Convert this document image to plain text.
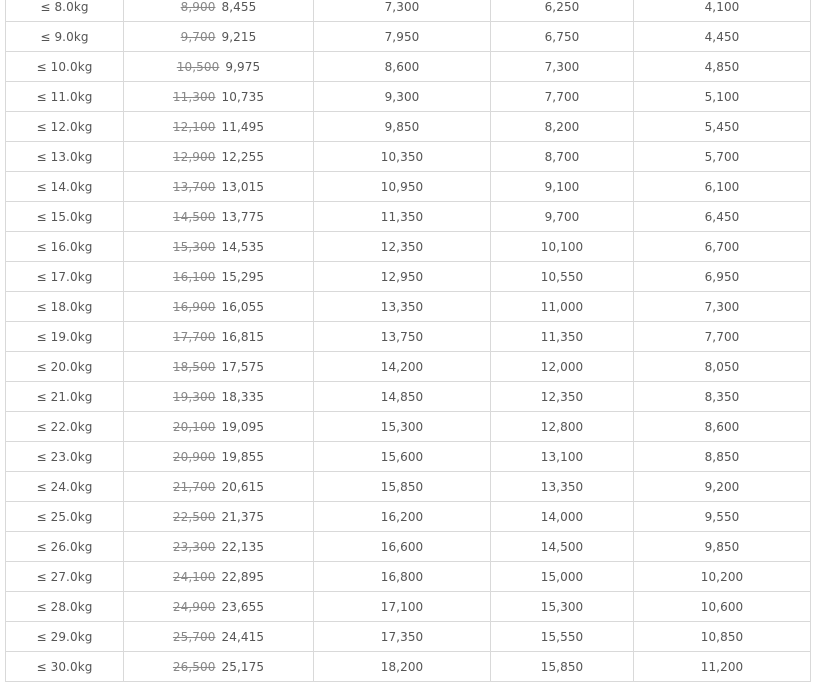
≤ 8.0kg	8,900 8,455	7,300	6,250	4,100
≤ 9.0kg	9,700 9,215	7,950	6,750	4,450
≤ 10.0kg	10,500 9,975	8,600	7,300	4,850
≤ 11.0kg	11,300 10,735	9,300	7,700	5,100
≤ 12.0kg	12,100 11,495	9,850	8,200	5,450
≤ 13.0kg	12,900 12,255	10,350	8,700	5,700
≤ 14.0kg	13,700 13,015	10,950	9,100	6,100
≤ 15.0kg	14,500 13,775	11,350	9,700	6,450
≤ 16.0kg	15,300 14,535	12,350	10,100	6,700
≤ 17.0kg	16,100 15,295	12,950	10,550	6,950
≤ 18.0kg	16,900 16,055	13,350	11,000	7,300
≤ 19.0kg	17,700 16,815	13,750	11,350	7,700
≤ 20.0kg	18,500 17,575	14,200	12,000	8,050
≤ 21.0kg	19,300 18,335	14,850	12,350	8,350
≤ 22.0kg	20,100 19,095	15,300	12,800	8,600
≤ 23.0kg	20,900 19,855	15,600	13,100	8,850
≤ 24.0kg	21,700 20,615	15,850	13,350	9,200
≤ 25.0kg	22,500 21,375	16,200	14,000	9,550
≤ 26.0kg	23,300 22,135	16,600	14,500	9,850
≤ 27.0kg	24,100 22,895	16,800	15,000	10,200
≤ 28.0kg	24,900 23,655	17,100	15,300	10,600
≤ 29.0kg	25,700 24,415	17,350	15,550	10,850
≤ 30.0kg	26,500 25,175	18,200	15,850	11,200
